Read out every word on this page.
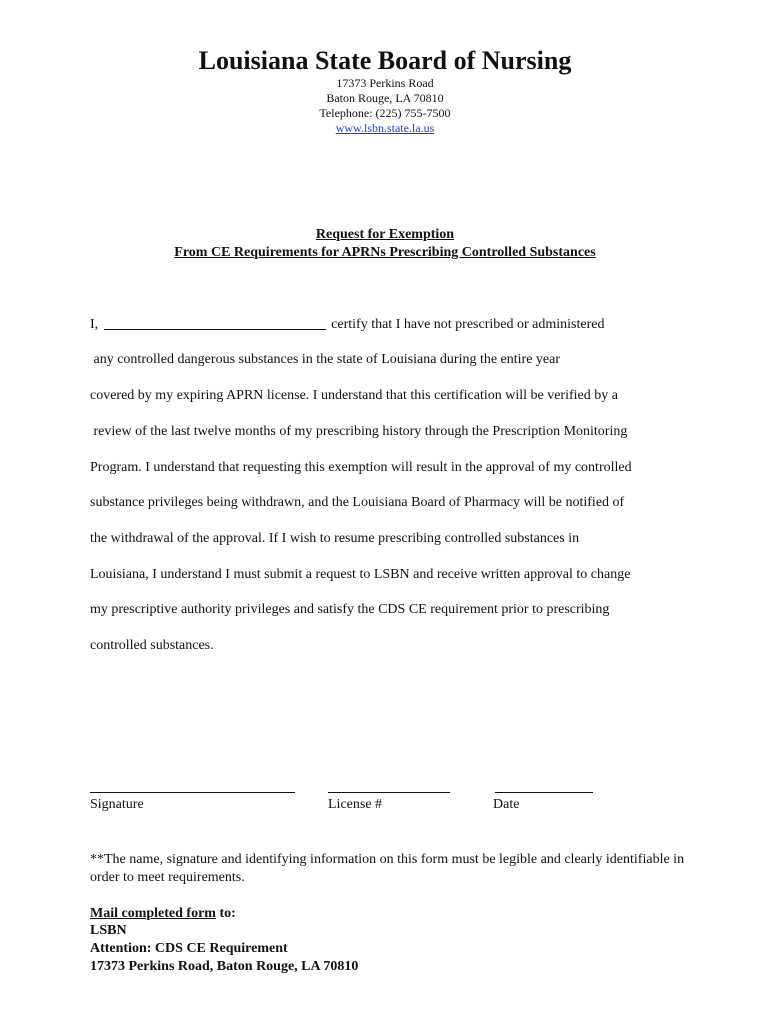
Louisiana State Board of Nursing
17373 Perkins Road
Baton Rouge, LA 70810
Telephone: (225) 755-7500
www.lsbn.state.la.us
Request for Exemption
From CE Requirements for APRNs Prescribing Controlled Substances
I,	certify that I have not prescribed or administered
any controlled dangerous substances in the state of Louisiana during the entire year
covered by my expiring APRN license. I understand that this certification will be verified by a
review of the last twelve months of my prescribing history through the Prescription Monitoring
Program. I understand that requesting this exemption will result in the approval of my controlled
substance privileges being withdrawn, and the Louisiana Board of Pharmacy will be notified of
the withdrawal of the approval. If I wish to resume prescribing controlled substances in
Louisiana, I understand I must submit a request to LSBN and receive written approval to change
my prescriptive authority privileges and satisfy the CDS CE requirement prior to prescribing
controlled substances.
Signature	License #	Date
**The name, signature and identifying information on this form must be legible and clearly identifiable in order to meet requirements.
Mail completed form to:
LSBN
Attention: CDS CE Requirement
17373 Perkins Road, Baton Rouge, LA 70810
